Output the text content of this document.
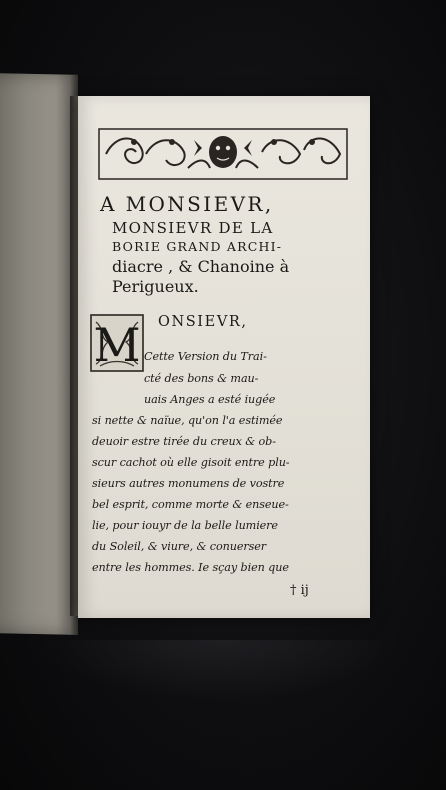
A MONSIEVR,
MONSIEVR DE LA
BORIE GRAND ARCHI-
diacre , & Chanoine à
Perigueux.
M ONSIEVR,
Cette Version du Trai-
cté des bons & mau-
uais Anges a esté iugée
si nette & naïue, qu'on l'a estimée
deuoir estre tirée du creux & ob-
scur cachot où elle gisoit entre plu-
sieurs autres monumens de vostre
bel esprit, comme morte & enseue-
lie, pour iouyr de la belle lumiere
du Soleil, & viure, & conuerser
entre les hommes. Ie sçay bien que
† ij
